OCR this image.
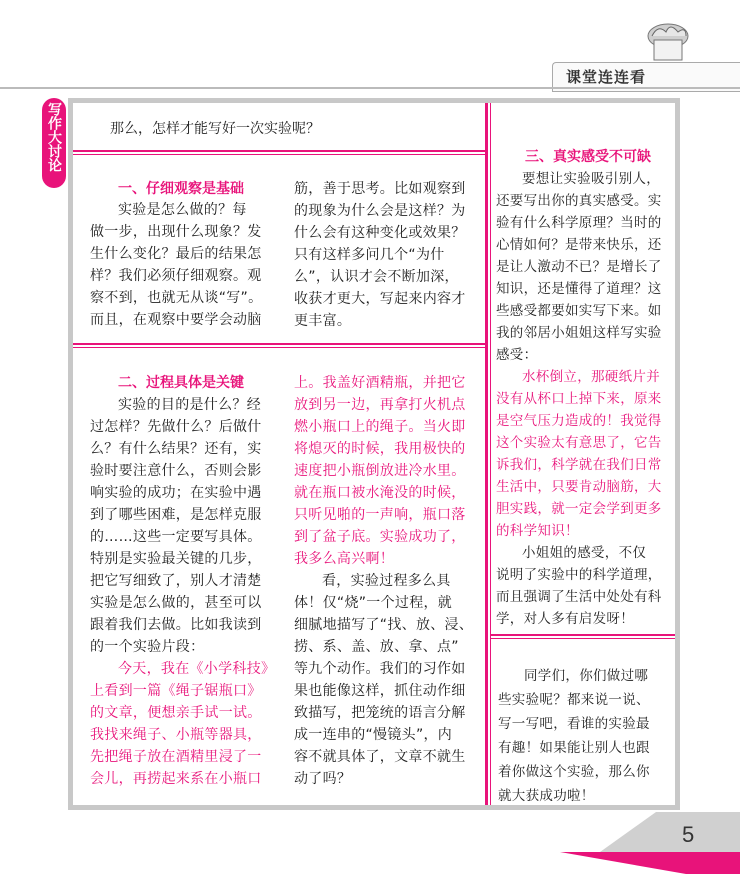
课堂连连看
写作大讨论	那么，怎样才能写好一次实验呢？
一、仔细观察是基础
实验是怎么做的？每
做一步，出现什么现象？发
生什么变化？最后的结果怎
样？我们必须仔细观察。观
察不到，也就无从谈“写”。
而且，在观察中要学会动脑
筋，善于思考。比如观察到
的现象为什么会是这样？为
什么会有这种变化或效果？
只有这样多问几个“为什
么”，认识才会不断加深，
收获才更大，写起来内容才
更丰富。
二、过程具体是关键
实验的目的是什么？经
过怎样？先做什么？后做什
么？有什么结果？还有，实
验时要注意什么，否则会影
响实验的成功；在实验中遇
到了哪些困难，是怎样克服
的……这些一定要写具体。
特别是实验最关键的几步，
把它写细致了，别人才清楚
实验是怎么做的，甚至可以
跟着我们去做。比如我读到
的一个实验片段：
今天，我在《小学科技》
上看到一篇《绳子锯瓶口》
的文章，便想亲手试一试。
我找来绳子、小瓶等器具，
先把绳子放在酒精里浸了一
会儿，再捞起来系在小瓶口
上。我盖好酒精瓶，并把它
放到另一边，再拿打火机点
燃小瓶口上的绳子。当火即
将熄灭的时候，我用极快的
速度把小瓶倒放进冷水里。
就在瓶口被水淹没的时候，
只听见啪的一声响，瓶口落
到了盆子底。实验成功了，
我多么高兴啊！
看，实验过程多么具
体！仅“烧”一个过程，就
细腻地描写了“找、放、浸、
捞、系、盖、放、拿、点”
等九个动作。我们的习作如
果也能像这样，抓住动作细
致描写，把笼统的语言分解
成一连串的“慢镜头”，内
容不就具体了，文章不就生
动了吗？
三、真实感受不可缺
要想让实验吸引别人，
还要写出你的真实感受。实
验有什么科学原理？当时的
心情如何？是带来快乐，还
是让人激动不已？是增长了
知识，还是懂得了道理？这
些感受都要如实写下来。如
我的邻居小姐姐这样写实验
感受：
水杯倒立，那硬纸片并
没有从杯口上掉下来，原来
是空气压力造成的！我觉得
这个实验太有意思了，它告
诉我们，科学就在我们日常
生活中，只要肯动脑筋，大
胆实践，就一定会学到更多
的科学知识！
小姐姐的感受，不仅
说明了实验中的科学道理，
而且强调了生活中处处有科
学，对人多有启发呀！
同学们，你们做过哪
些实验呢？都来说一说、
写一写吧，看谁的实验最
有趣！如果能让别人也跟
着你做这个实验，那么你
就大获成功啦！
5
